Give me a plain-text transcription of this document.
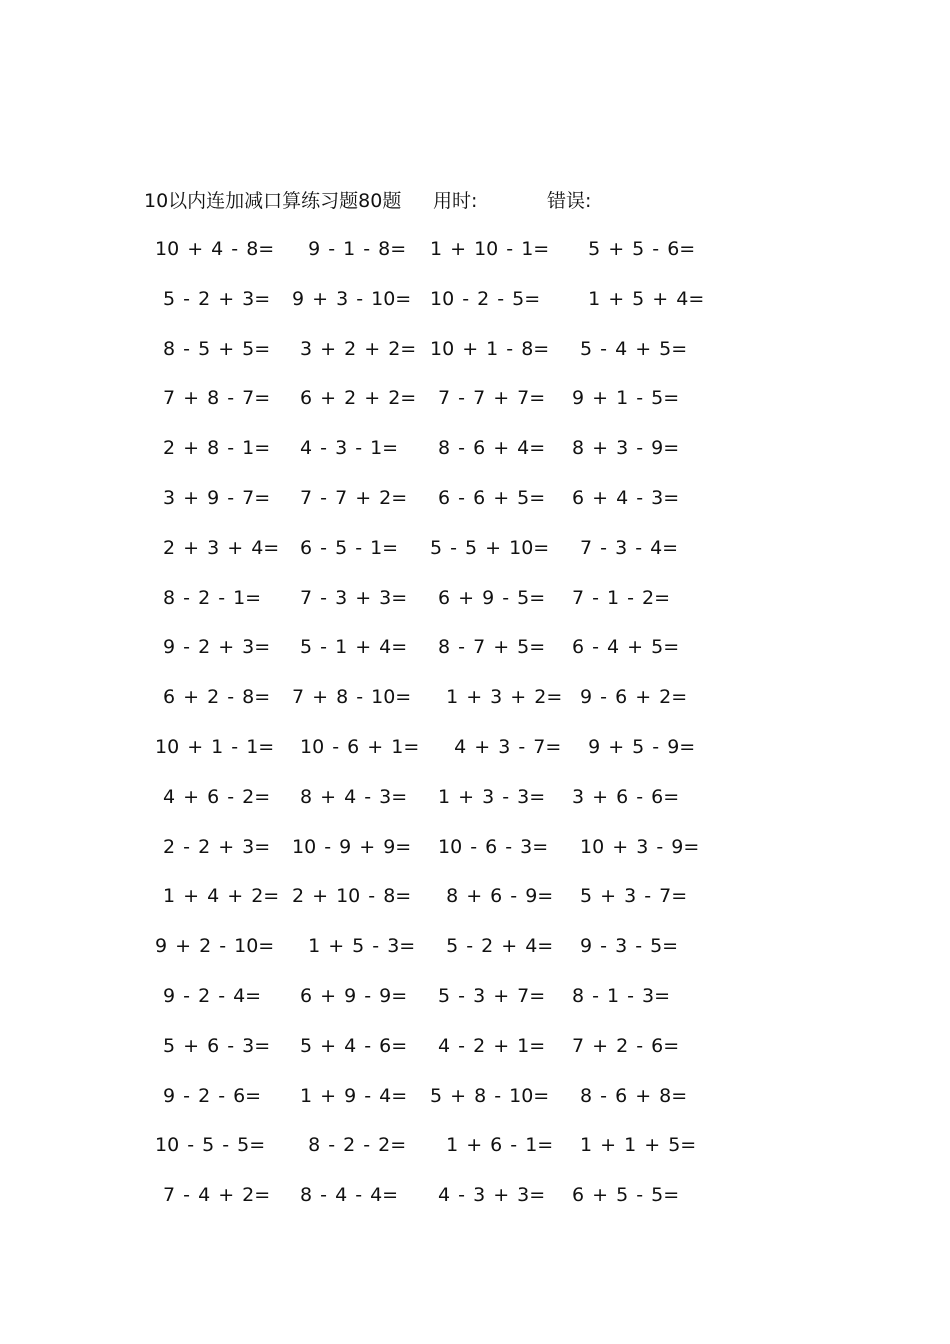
10以内连加减口算练习题80题 用时:	错误:
10 + 4 - 8= 9 - 1 - 8= 1 + 10 - 1= 5 + 5 - 6=
5 - 2 + 3= 9 + 3 - 10= 10 - 2 - 5= 1 + 5 + 4=
8 - 5 + 5= 3 + 2 + 2= 10 + 1 - 8= 5 - 4 + 5=
7 + 8 - 7= 6 + 2 + 2= 7 - 7 + 7= 9 + 1 - 5=
2 + 8 - 1= 4 - 3 - 1= 8 - 6 + 4= 8 + 3 - 9=
3 + 9 - 7= 7 - 7 + 2= 6 - 6 + 5= 6 + 4 - 3=
2 + 3 + 4= 6 - 5 - 1= 5 - 5 + 10= 7 - 3 - 4=
8 - 2 - 1= 7 - 3 + 3= 6 + 9 - 5= 7 - 1 - 2=
9 - 2 + 3= 5 - 1 + 4= 8 - 7 + 5= 6 - 4 + 5=
6 + 2 - 8= 7 + 8 - 10= 1 + 3 + 2= 9 - 6 + 2=
10 + 1 - 1= 10 - 6 + 1= 4 + 3 - 7= 9 + 5 - 9=
4 + 6 - 2= 8 + 4 - 3= 1 + 3 - 3= 3 + 6 - 6=
2 - 2 + 3= 10 - 9 + 9= 10 - 6 - 3= 10 + 3 - 9=
1 + 4 + 2= 2 + 10 - 8= 8 + 6 - 9= 5 + 3 - 7=
9 + 2 - 10= 1 + 5 - 3= 5 - 2 + 4= 9 - 3 - 5=
9 - 2 - 4= 6 + 9 - 9= 5 - 3 + 7= 8 - 1 - 3=
5 + 6 - 3= 5 + 4 - 6= 4 - 2 + 1= 7 + 2 - 6=
9 - 2 - 6= 1 + 9 - 4= 5 + 8 - 10= 8 - 6 + 8=
10 - 5 - 5= 8 - 2 - 2= 1 + 6 - 1= 1 + 1 + 5=
7 - 4 + 2= 8 - 4 - 4= 4 - 3 + 3= 6 + 5 - 5=
